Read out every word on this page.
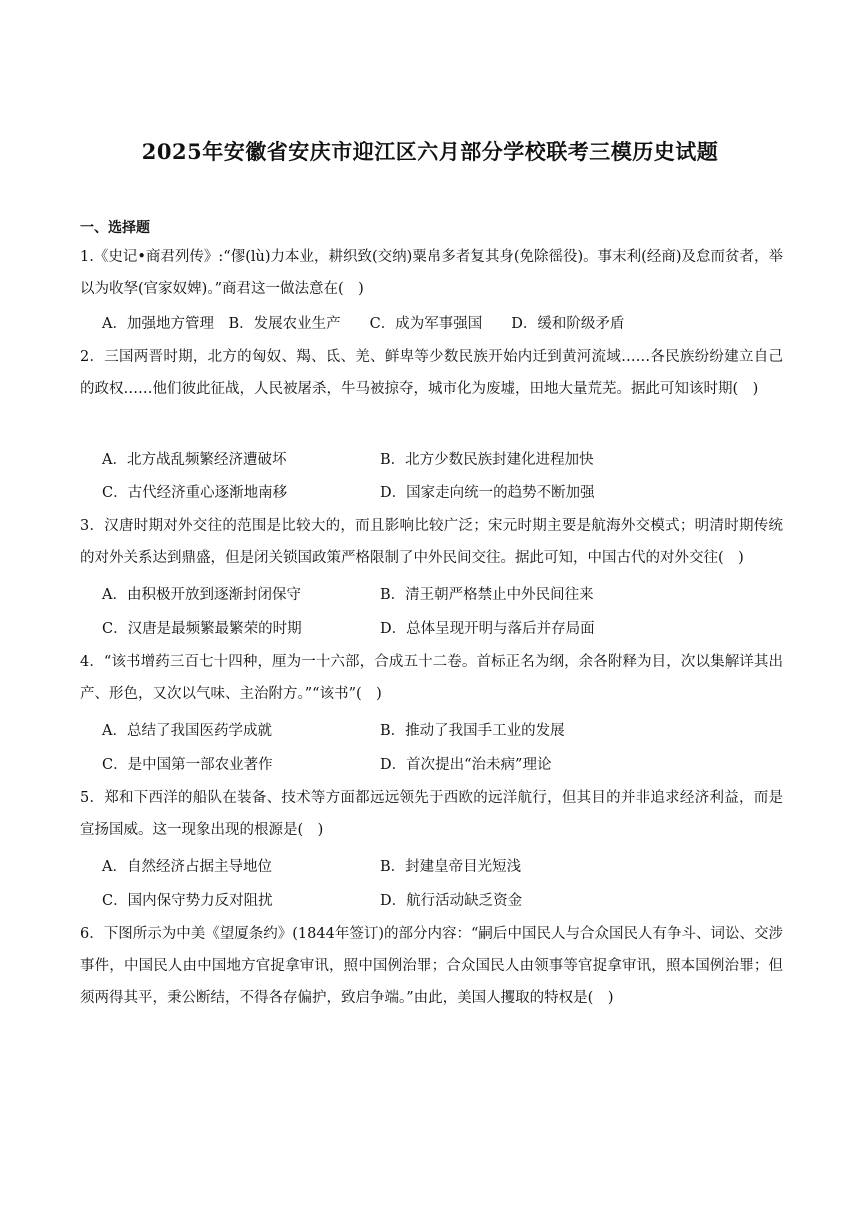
2025年安徽省安庆市迎江区六月部分学校联考三模历史试题
一、选择题
1.《史记•商君列传》:“僇(lù)力本业，耕织致(交纳)粟帛多者复其身(免除徭役)。事末利(经商)及怠而贫者，举以为收孥(官家奴婢)。”商君这一做法意在(　)
A．加强地方管理　B．发展农业生产　　C．成为军事强国　　D．缓和阶级矛盾
2．三国两晋时期，北方的匈奴、羯、氐、羌、鲜卑等少数民族开始内迁到黄河流域……各民族纷纷建立自己的政权……他们彼此征战，人民被屠杀，牛马被掠夺，城市化为废墟，田地大量荒芜。据此可知该时期(　)
A．北方战乱频繁经济遭破坏	B．北方少数民族封建化进程加快
C．古代经济重心逐渐地南移	D．国家走向统一的趋势不断加强
3．汉唐时期对外交往的范围是比较大的，而且影响比较广泛；宋元时期主要是航海外交模式；明清时期传统的对外关系达到鼎盛，但是闭关锁国政策严格限制了中外民间交往。据此可知，中国古代的对外交往(　)
A．由积极开放到逐渐封闭保守	B．清王朝严格禁止中外民间往来
C．汉唐是最频繁最繁荣的时期	D．总体呈现开明与落后并存局面
4．“该书增药三百七十四种，厘为一十六部，合成五十二卷。首标正名为纲，余各附释为目，次以集解详其出产、形色，又次以气味、主治附方。”“该书”(　)
A．总结了我国医药学成就	B．推动了我国手工业的发展
C．是中国第一部农业著作	D．首次提出“治未病”理论
5．郑和下西洋的船队在装备、技术等方面都远远领先于西欧的远洋航行，但其目的并非追求经济利益，而是宣扬国威。这一现象出现的根源是(　)
A．自然经济占据主导地位	B．封建皇帝目光短浅
C．国内保守势力反对阻扰	D．航行活动缺乏资金
6．下图所示为中美《望厦条约》(1844年签订)的部分内容：“嗣后中国民人与合众国民人有争斗、词讼、交涉事件，中国民人由中国地方官捉拿审讯，照中国例治罪；合众国民人由领事等官捉拿审讯，照本国例治罪；但须两得其平，秉公断结，不得各存偏护，致启争端。”由此，美国人攫取的特权是(　)
